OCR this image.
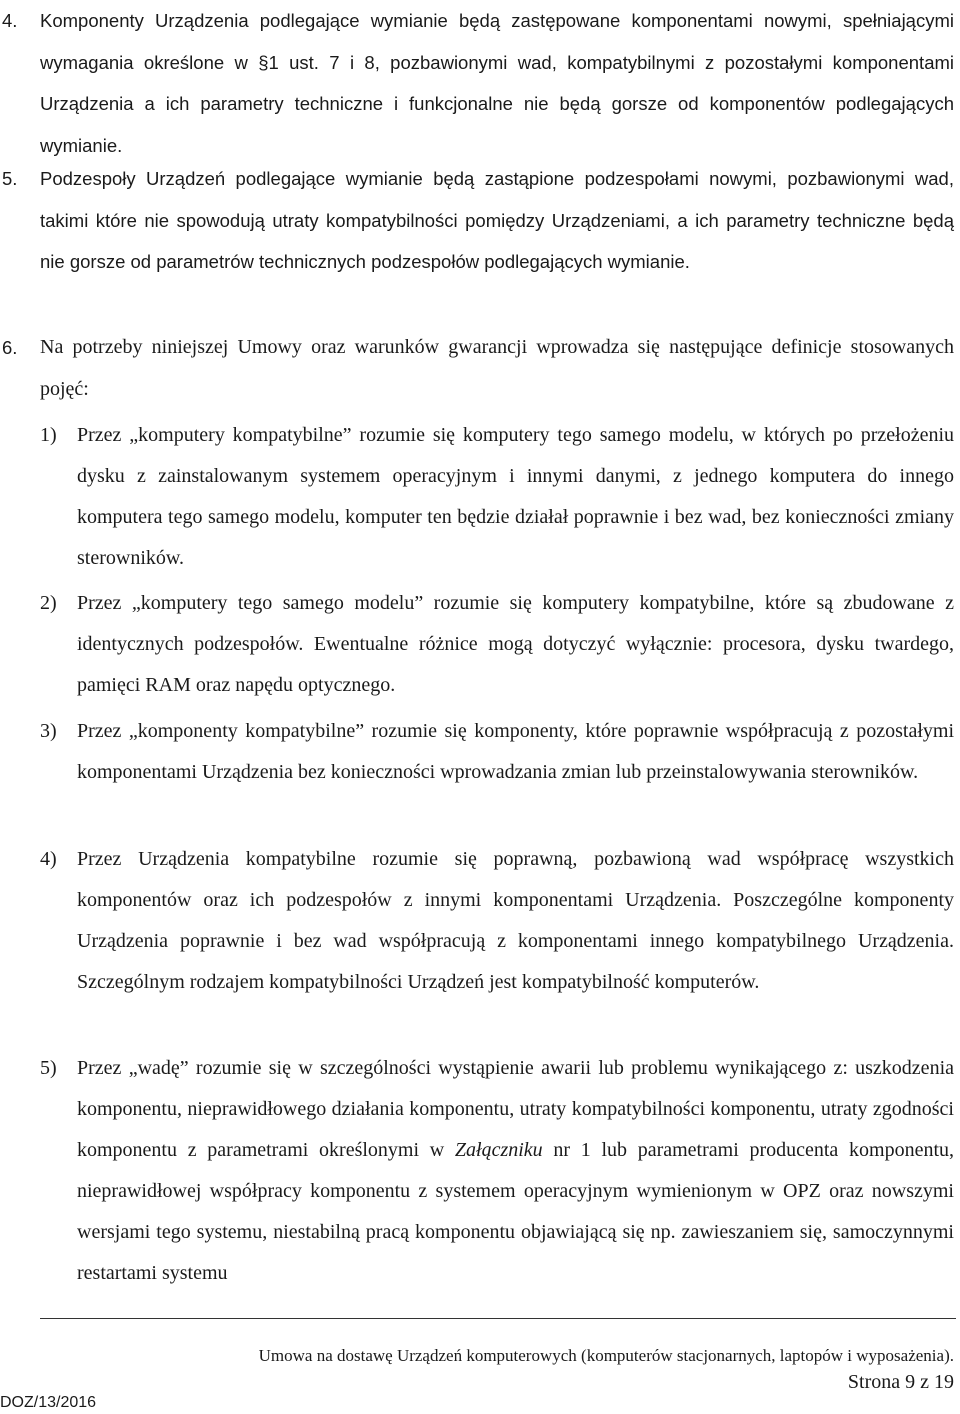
4. Komponenty Urządzenia podlegające wymianie będą zastępowane komponentami nowymi, spełniającymi wymagania określone w §1 ust. 7 i 8, pozbawionymi wad, kompatybilnymi z pozostałymi komponentami Urządzenia a ich parametry techniczne i funkcjonalne nie będą gorsze od komponentów podlegających wymianie.
5. Podzespoły Urządzeń podlegające wymianie będą zastąpione podzespołami nowymi, pozbawionymi wad, takimi które nie spowodują utraty kompatybilności pomiędzy Urządzeniami, a ich parametry techniczne będą nie gorsze od parametrów technicznych podzespołów podlegających wymianie.
6. Na potrzeby niniejszej Umowy oraz warunków gwarancji wprowadza się następujące definicje stosowanych pojęć:
1) Przez „komputery kompatybilne” rozumie się komputery tego samego modelu, w których po przełożeniu dysku z zainstalowanym systemem operacyjnym i innymi danymi, z jednego komputera do innego komputera tego samego modelu, komputer ten będzie działał poprawnie i bez wad, bez konieczności zmiany sterowników.
2) Przez „komputery tego samego modelu” rozumie się komputery kompatybilne, które są zbudowane z identycznych podzespołów. Ewentualne różnice mogą dotyczyć wyłącznie: procesora, dysku twardego, pamięci RAM oraz napędu optycznego.
3) Przez „komponenty kompatybilne” rozumie się komponenty, które poprawnie współpracują z pozostałymi komponentami Urządzenia bez konieczności wprowadzania zmian lub przeinstalowywania sterowników.
4) Przez Urządzenia kompatybilne rozumie się poprawną, pozbawioną wad współpracę wszystkich komponentów oraz ich podzespołów z innymi komponentami Urządzenia. Poszczególne komponenty Urządzenia poprawnie i bez wad współpracują z komponentami innego kompatybilnego Urządzenia. Szczególnym rodzajem kompatybilności Urządzeń jest kompatybilność komputerów.
5) Przez „wadę” rozumie się w szczególności wystąpienie awarii lub problemu wynikającego z: uszkodzenia komponentu, nieprawidłowego działania komponentu, utraty kompatybilności komponentu, utraty zgodności komponentu z parametrami określonymi w Załączniku nr 1 lub parametrami producenta komponentu, nieprawidłowej współpracy komponentu z systemem operacyjnym wymienionym w OPZ oraz nowszymi wersjami tego systemu, niestabilną pracą komponentu objawiającą się np. zawieszaniem się, samoczynnymi restartami systemu
Umowa na dostawę Urządzeń komputerowych (komputerów stacjonarnych, laptopów i wyposażenia).
Strona 9 z 19
DOZ/13/2016
